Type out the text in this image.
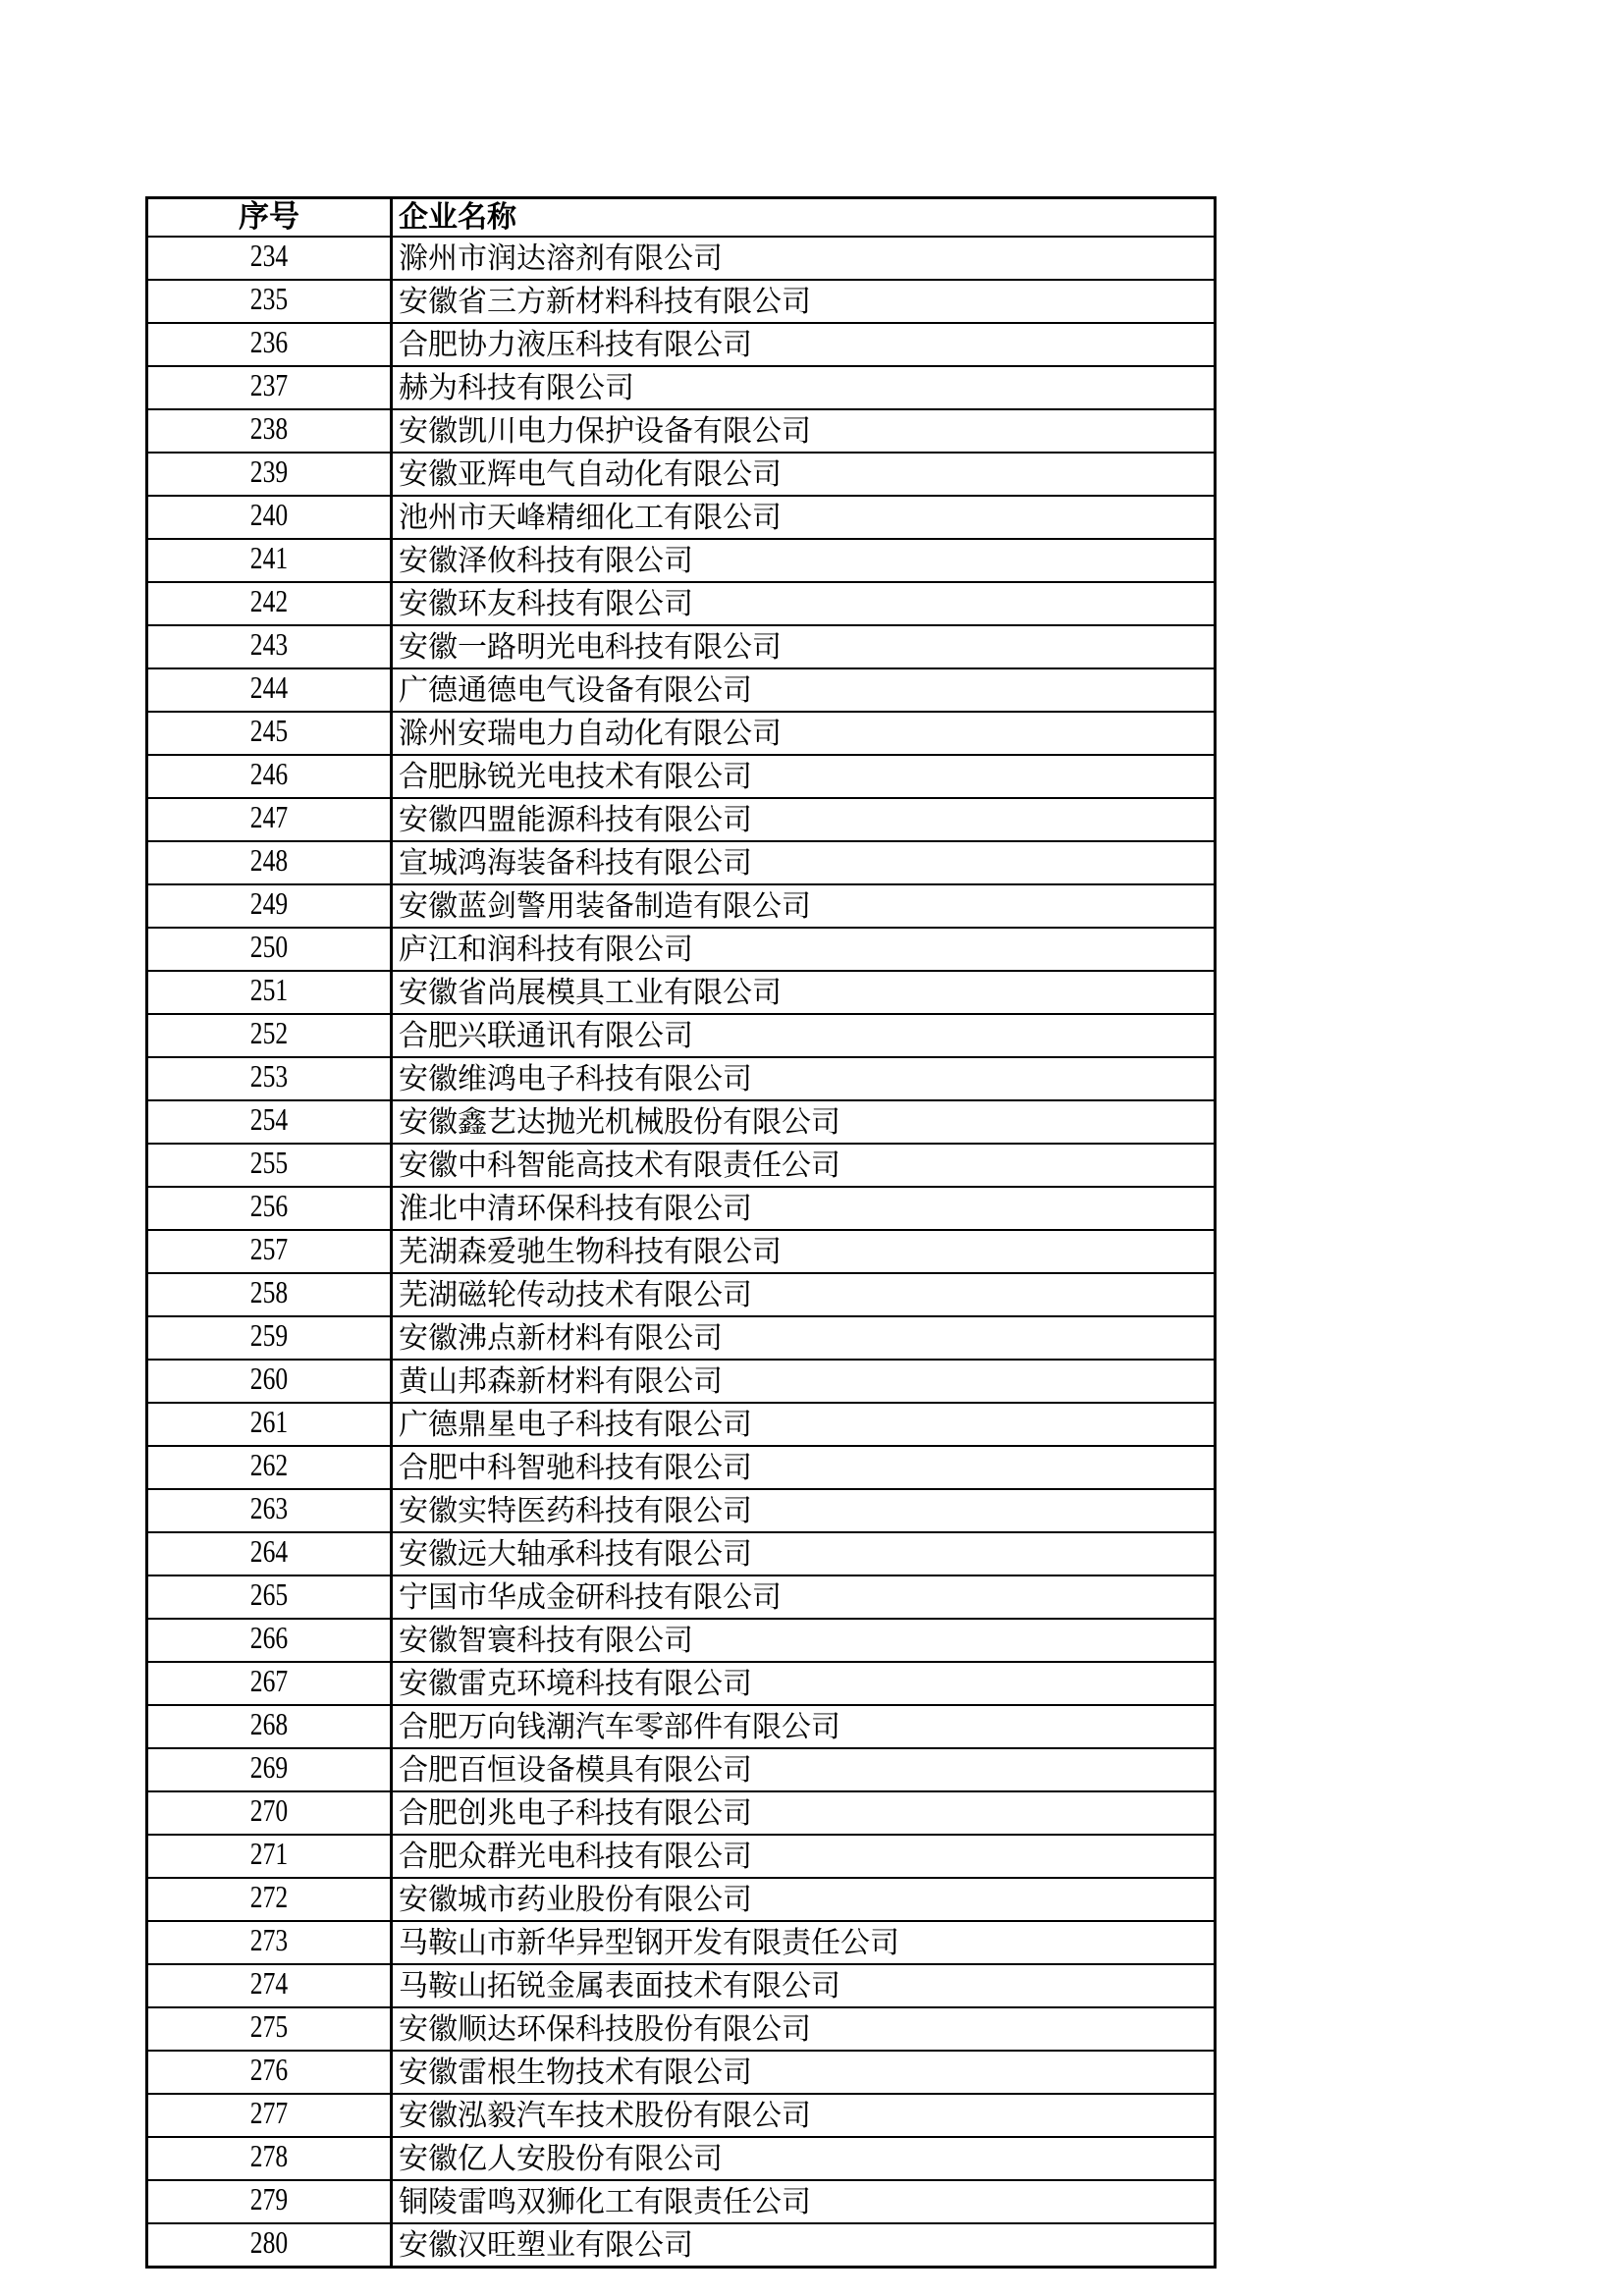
序号	企业名称
234	滁州市润达溶剂有限公司
235	安徽省三方新材料科技有限公司
236	合肥协力液压科技有限公司
237	赫为科技有限公司
238	安徽凯川电力保护设备有限公司
239	安徽亚辉电气自动化有限公司
240	池州市天峰精细化工有限公司
241	安徽泽攸科技有限公司
242	安徽环友科技有限公司
243	安徽一路明光电科技有限公司
244	广德通德电气设备有限公司
245	滁州安瑞电力自动化有限公司
246	合肥脉锐光电技术有限公司
247	安徽四盟能源科技有限公司
248	宣城鸿海装备科技有限公司
249	安徽蓝剑警用装备制造有限公司
250	庐江和润科技有限公司
251	安徽省尚展模具工业有限公司
252	合肥兴联通讯有限公司
253	安徽维鸿电子科技有限公司
254	安徽鑫艺达抛光机械股份有限公司
255	安徽中科智能高技术有限责任公司
256	淮北中清环保科技有限公司
257	芜湖森爱驰生物科技有限公司
258	芜湖磁轮传动技术有限公司
259	安徽沸点新材料有限公司
260	黄山邦森新材料有限公司
261	广德鼎星电子科技有限公司
262	合肥中科智驰科技有限公司
263	安徽实特医药科技有限公司
264	安徽远大轴承科技有限公司
265	宁国市华成金研科技有限公司
266	安徽智寰科技有限公司
267	安徽雷克环境科技有限公司
268	合肥万向钱潮汽车零部件有限公司
269	合肥百恒设备模具有限公司
270	合肥创兆电子科技有限公司
271	合肥众群光电科技有限公司
272	安徽城市药业股份有限公司
273	马鞍山市新华异型钢开发有限责任公司
274	马鞍山拓锐金属表面技术有限公司
275	安徽顺达环保科技股份有限公司
276	安徽雷根生物技术有限公司
277	安徽泓毅汽车技术股份有限公司
278	安徽亿人安股份有限公司
279	铜陵雷鸣双狮化工有限责任公司
280	安徽汉旺塑业有限公司
